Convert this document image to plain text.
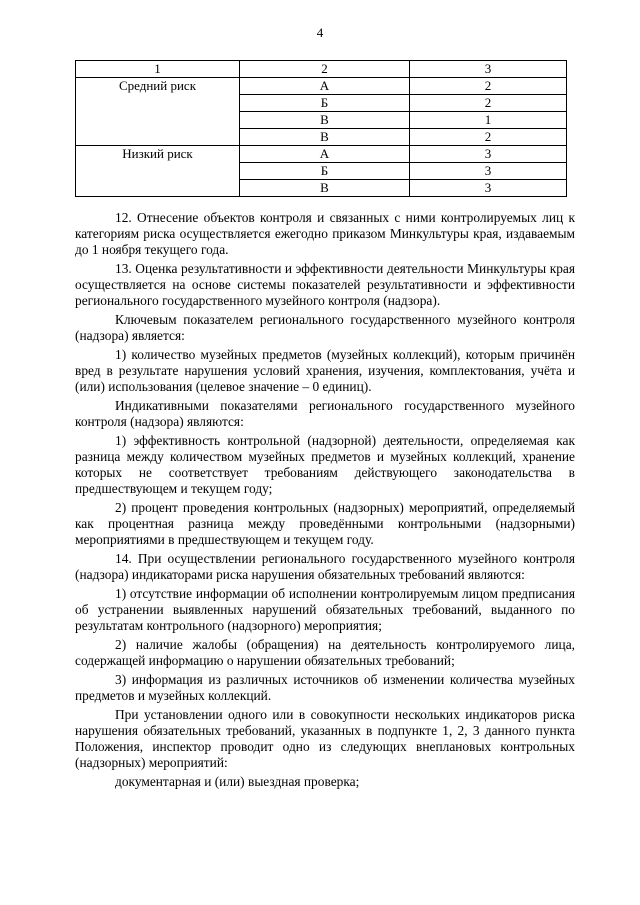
4
1	2	3
Средний риск	А	2
	Б	2
	В	1
	В	2
Низкий риск	А	3
	Б	3
	В	3

12. Отнесение объектов контроля и связанных с ними контролируемых лиц к категориям риска осуществляется ежегодно приказом Минкультуры края, издаваемым до 1 ноября текущего года.

13. Оценка результативности и эффективности деятельности Минкультуры края осуществляется на основе системы показателей результативности и эффективности регионального государственного музейного контроля (надзора).

Ключевым показателем регионального государственного музейного контроля (надзора) является:

1) количество музейных предметов (музейных коллекций), которым причинён вред в результате нарушения условий хранения, изучения, комплектования, учёта и (или) использования (целевое значение – 0 единиц).

Индикативными показателями регионального государственного музейного контроля (надзора) являются:

1) эффективность контрольной (надзорной) деятельности, определяемая как разница между количеством музейных предметов и музейных коллекций, хранение которых не соответствует требованиям действующего законодательства в предшествующем и текущем году;

2) процент проведения контрольных (надзорных) мероприятий, определяемый как процентная разница между проведёнными контрольными (надзорными) мероприятиями в предшествующем и текущем году.

14. При осуществлении регионального государственного музейного контроля (надзора) индикаторами риска нарушения обязательных требований являются:

1) отсутствие информации об исполнении контролируемым лицом предписания об устранении выявленных нарушений обязательных требований, выданного по результатам контрольного (надзорного) мероприятия;

2) наличие жалобы (обращения) на деятельность контролируемого лица, содержащей информацию о нарушении обязательных требований;

3) информация из различных источников об изменении количества музейных предметов и музейных коллекций.

При установлении одного или в совокупности нескольких индикаторов риска нарушения обязательных требований, указанных в подпункте 1, 2, 3 данного пункта Положения, инспектор проводит одно из следующих внеплановых контрольных (надзорных) мероприятий:

документарная и (или) выездная проверка;
